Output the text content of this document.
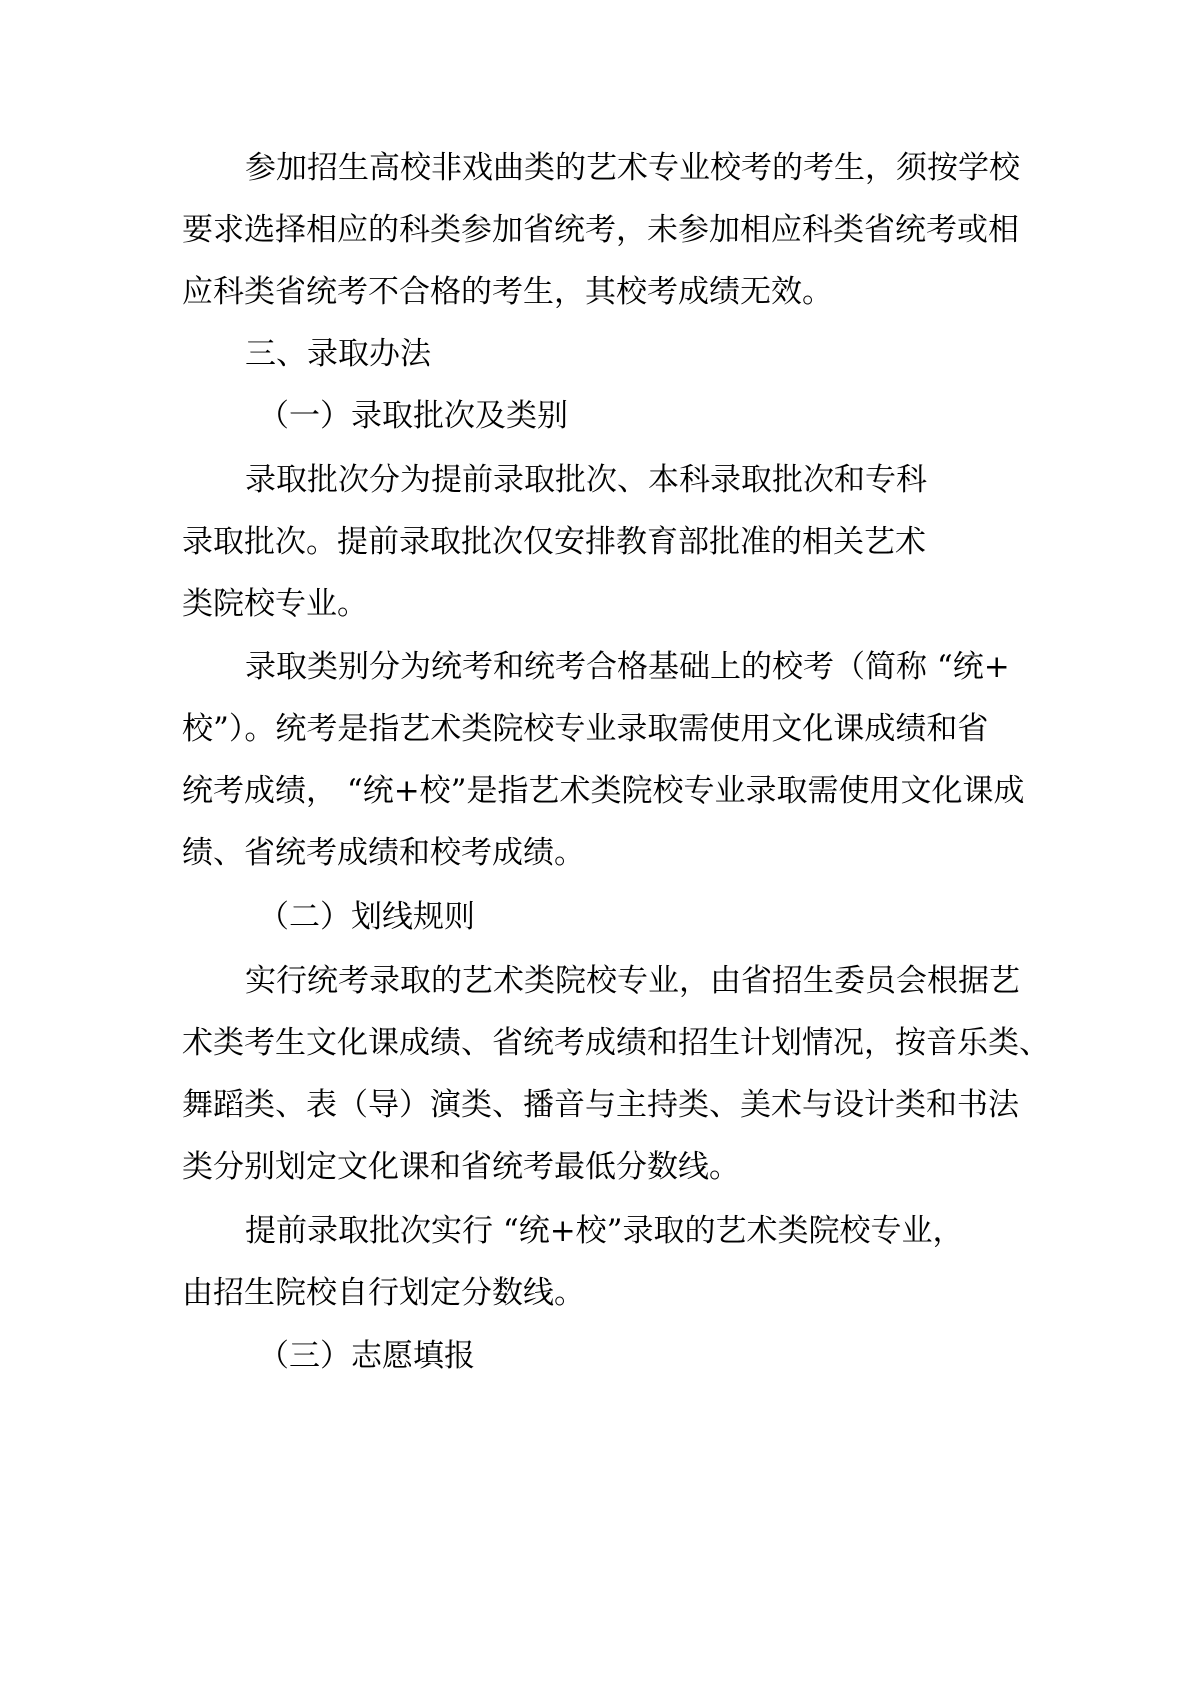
参加招生高校非戏曲类的艺术专业校考的考生，须按学校
要求选择相应的科类参加省统考，未参加相应科类省统考或相
应科类省统考不合格的考生，其校考成绩无效。
三、录取办法
（一）录取批次及类别
录取批次分为提前录取批次、本科录取批次和专科
录取批次。提前录取批次仅安排教育部批准的相关艺术
类院校专业。
录取类别分为统考和统考合格基础上的校考（简称 “统+
校”）。统考是指艺术类院校专业录取需使用文化课成绩和省
统考成绩， “统+校”是指艺术类院校专业录取需使用文化课成
绩、省统考成绩和校考成绩。
（二）划线规则
实行统考录取的艺术类院校专业，由省招生委员会根据艺
术类考生文化课成绩、省统考成绩和招生计划情况，按音乐类、
舞蹈类、表（导）演类、播音与主持类、美术与设计类和书法
类分别划定文化课和省统考最低分数线。
提前录取批次实行 “统+校”录取的艺术类院校专业，
由招生院校自行划定分数线。
（三）志愿填报
